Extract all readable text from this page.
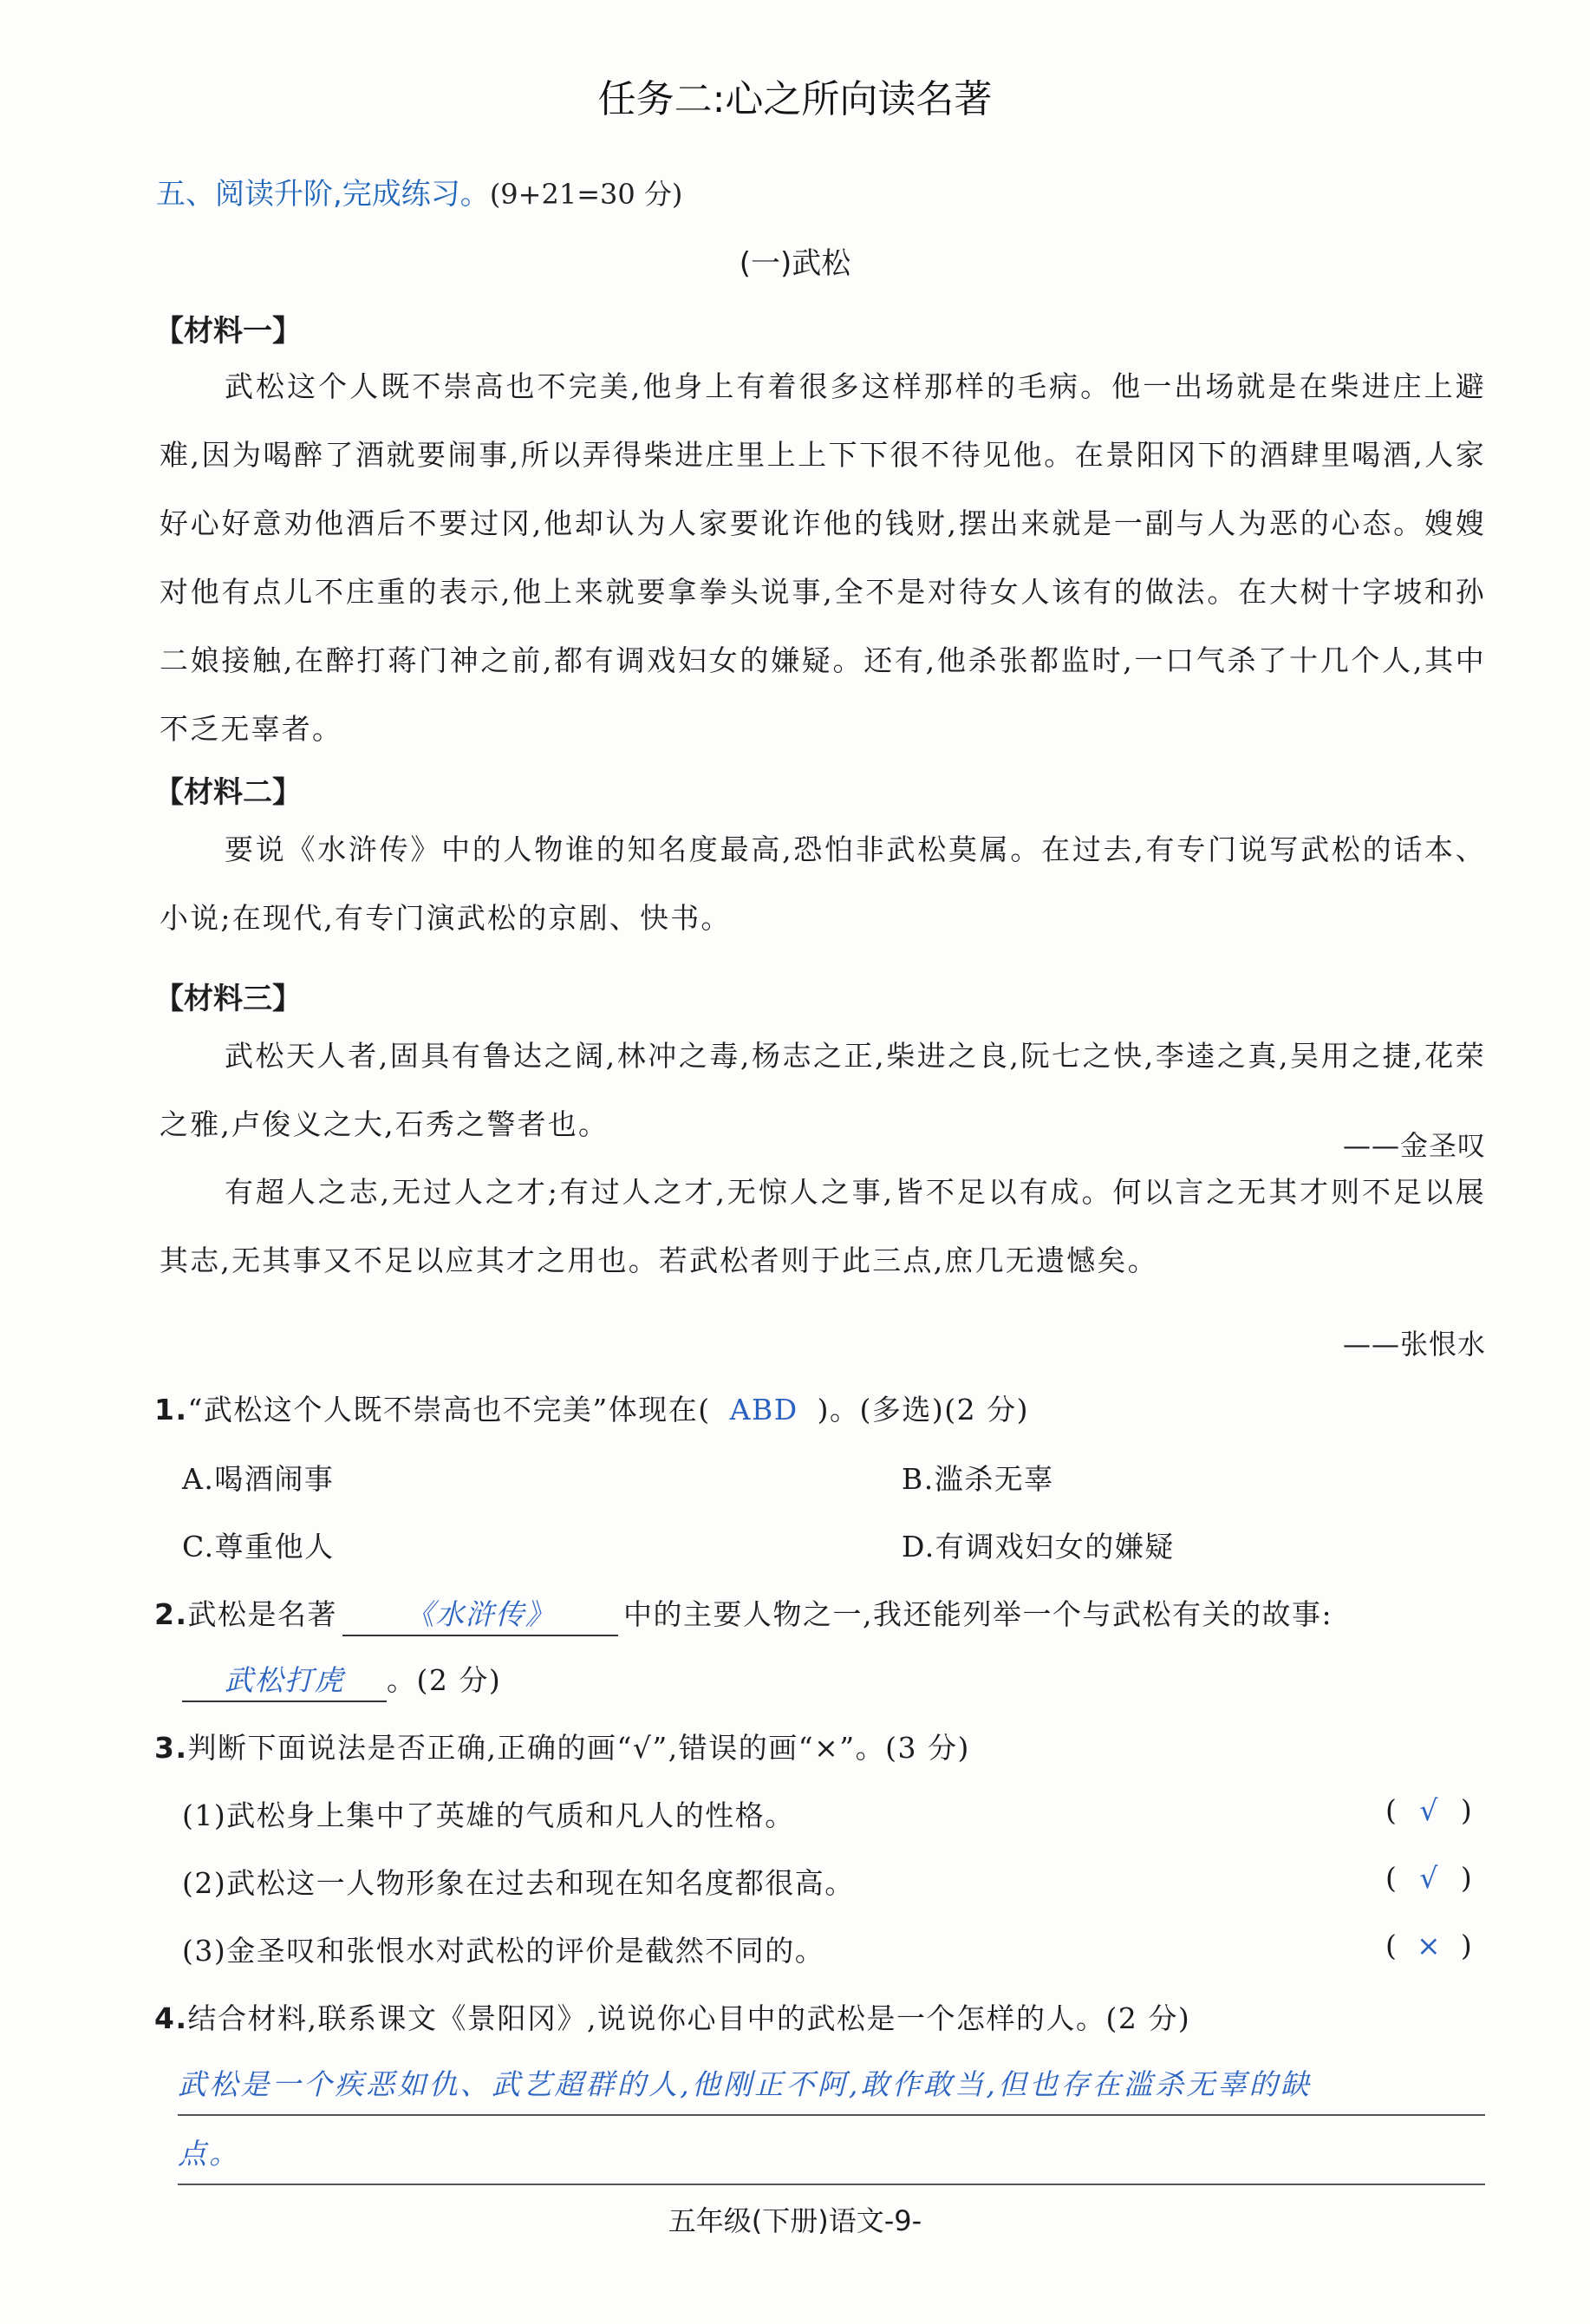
任务二:心之所向读名著
五、阅读升阶,完成练习。(9+21=30 分)
(一)武松
【材料一】
武松这个人既不崇高也不完美,他身上有着很多这样那样的毛病。他一出场就是在柴进庄上避难,因为喝醉了酒就要闹事,所以弄得柴进庄里上上下下很不待见他。在景阳冈下的酒肆里喝酒,人家好心好意劝他酒后不要过冈,他却认为人家要讹诈他的钱财,摆出来就是一副与人为恶的心态。嫂嫂对他有点儿不庄重的表示,他上来就要拿拳头说事,全不是对待女人该有的做法。在大树十字坡和孙二娘接触,在醉打蒋门神之前,都有调戏妇女的嫌疑。还有,他杀张都监时,一口气杀了十几个人,其中不乏无辜者。
【材料二】
要说《水浒传》中的人物谁的知名度最高,恐怕非武松莫属。在过去,有专门说写武松的话本、小说;在现代,有专门演武松的京剧、快书。
【材料三】
武松天人者,固具有鲁达之阔,林冲之毒,杨志之正,柴进之良,阮七之快,李逵之真,吴用之捷,花荣之雅,卢俊义之大,石秀之警者也。
——金圣叹
有超人之志,无过人之才;有过人之才,无惊人之事,皆不足以有成。何以言之无其才则不足以展其志,无其事又不足以应其才之用也。若武松者则于此三点,庶几无遗憾矣。
——张恨水
1.“武松这个人既不崇高也不完美”体现在( ABD )。(多选)(2 分)
A.喝酒闹事	B.滥杀无辜
C.尊重他人	D.有调戏妇女的嫌疑
2.武松是名著 《水浒传》 中的主要人物之一,我还能列举一个与武松有关的故事:
武松打虎 。(2 分)
3.判断下面说法是否正确,正确的画“√”,错误的画“×”。(3 分)
(1)武松身上集中了英雄的气质和凡人的性格。	( √ )
(2)武松这一人物形象在过去和现在知名度都很高。	( √ )
(3)金圣叹和张恨水对武松的评价是截然不同的。	( × )
4.结合材料,联系课文《景阳冈》,说说你心目中的武松是一个怎样的人。(2 分)
武松是一个疾恶如仇、武艺超群的人,他刚正不阿,敢作敢当,但也存在滥杀无辜的缺
点。
五年级(下册)语文-9-
